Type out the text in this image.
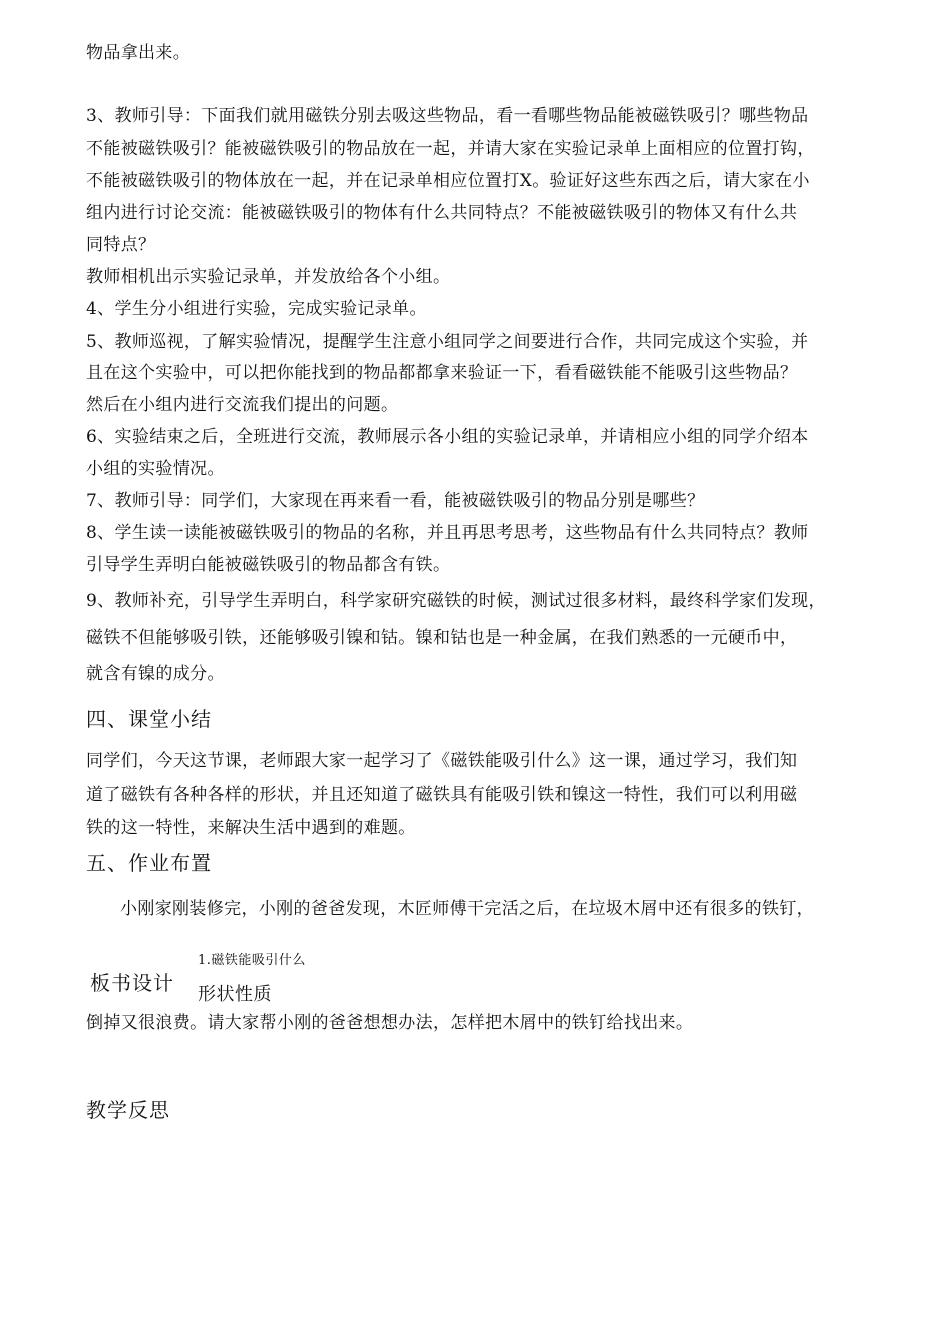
物品拿出来。
3、教师引导：下面我们就用磁铁分别去吸这些物品，看一看哪些物品能被磁铁吸引？哪些物品
不能被磁铁吸引？能被磁铁吸引的物品放在一起，并请大家在实验记录单上面相应的位置打钩，
不能被磁铁吸引的物体放在一起，并在记录单相应位置打X。验证好这些东西之后，请大家在小
组内进行讨论交流：能被磁铁吸引的物体有什么共同特点？不能被磁铁吸引的物体又有什么共
同特点？
教师相机出示实验记录单，并发放给各个小组。
4、学生分小组进行实验，完成实验记录单。
5、教师巡视，了解实验情况，提醒学生注意小组同学之间要进行合作，共同完成这个实验，并
且在这个实验中，可以把你能找到的物品都都拿来验证一下，看看磁铁能不能吸引这些物品？
然后在小组内进行交流我们提出的问题。
6、实验结束之后，全班进行交流，教师展示各小组的实验记录单，并请相应小组的同学介绍本
小组的实验情况。
7、教师引导：同学们，大家现在再来看一看，能被磁铁吸引的物品分别是哪些？
8、学生读一读能被磁铁吸引的物品的名称，并且再思考思考，这些物品有什么共同特点？教师
引导学生弄明白能被磁铁吸引的物品都含有铁。
9、教师补充，引导学生弄明白，科学家研究磁铁的时候，测试过很多材料，最终科学家们发现，
磁铁不但能够吸引铁，还能够吸引镍和钴。镍和钴也是一种金属，在我们熟悉的一元硬币中，
就含有镍的成分。
四、课堂小结
同学们，今天这节课，老师跟大家一起学习了《磁铁能吸引什么》这一课，通过学习，我们知
道了磁铁有各种各样的形状，并且还知道了磁铁具有能吸引铁和镍这一特性，我们可以利用磁
铁的这一特性，来解决生活中遇到的难题。
五、作业布置
小刚家刚装修完，小刚的爸爸发现，木匠师傅干完活之后，在垃圾木屑中还有很多的铁钉，
板书设计
1.磁铁能吸引什么
形状性质
倒掉又很浪费。请大家帮小刚的爸爸想想办法，怎样把木屑中的铁钉给找出来。
教学反思
